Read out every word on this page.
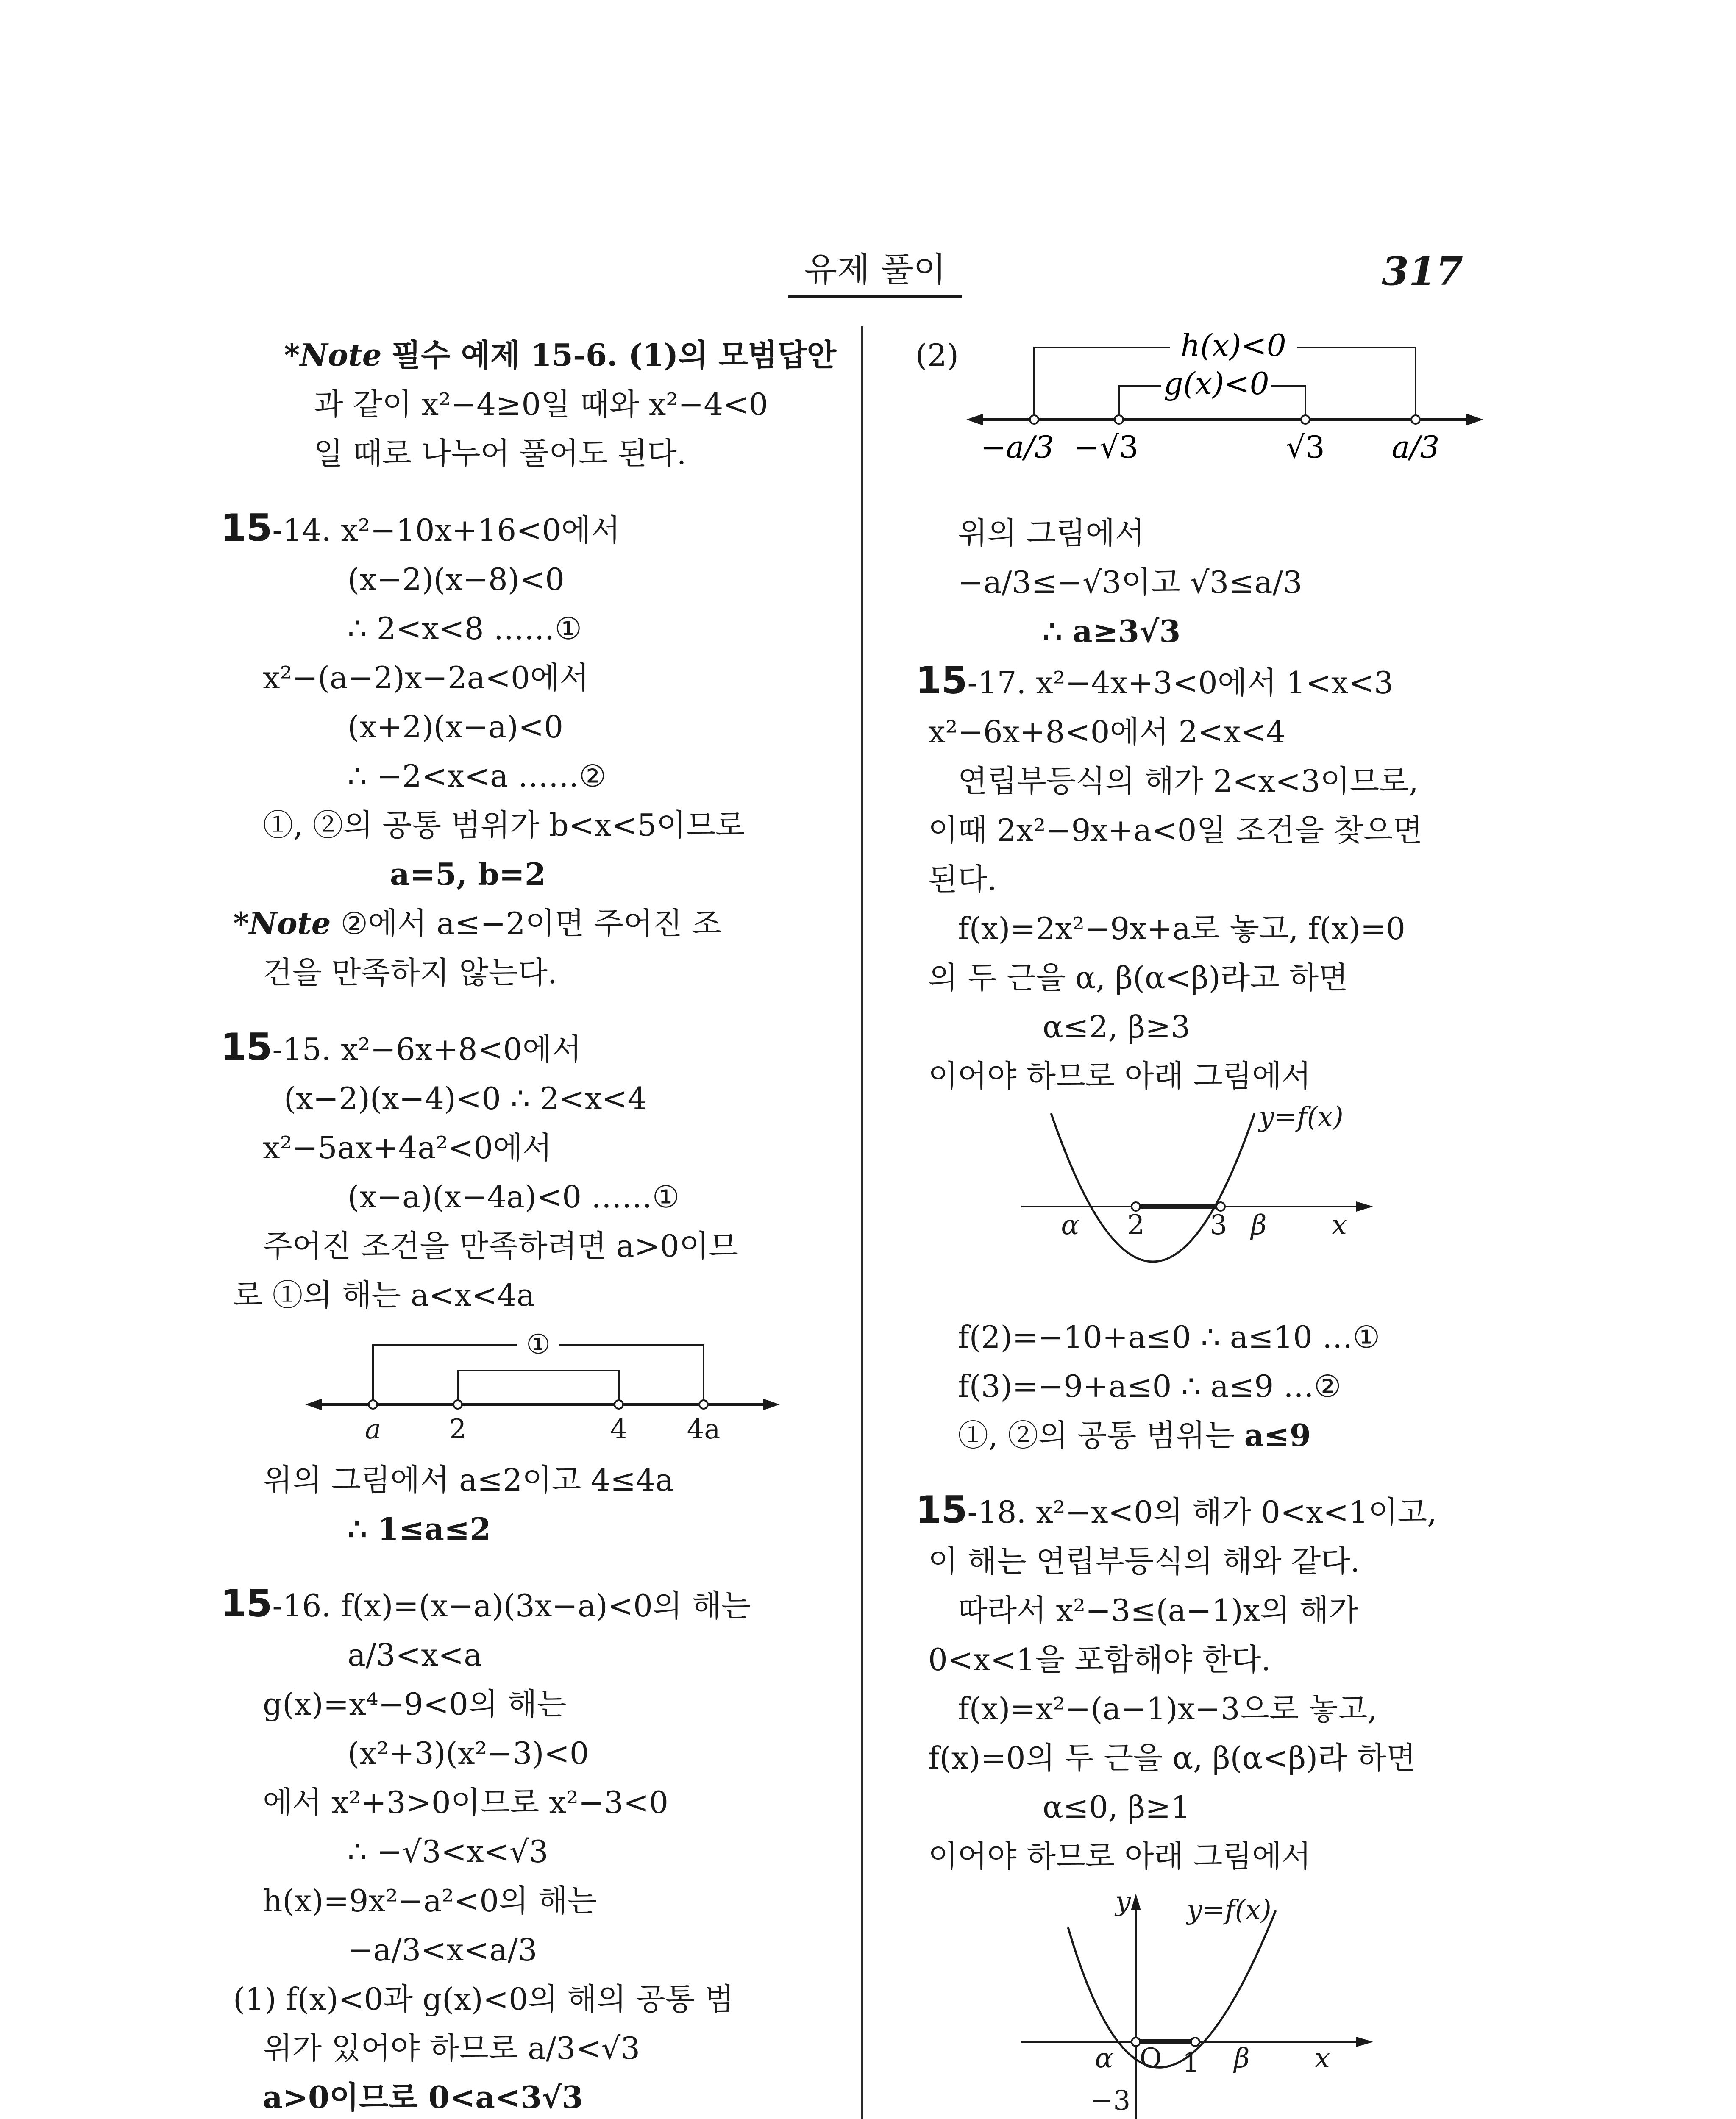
유제 풀이	317

*Note 필수 예제 15-6. (1)의 모범답안

과 같이 x²−4≥0일 때와 x²−4<0

일 때로 나누어 풀어도 된다.

15-14. x²−10x+16<0에서

(x−2)(x−8)<0

∴ 2<x<8 ……①

x²−(a−2)x−2a<0에서

(x+2)(x−a)<0

∴ −2<x<a ……②

①, ②의 공통 범위가 b<x<5이므로

a=5, b=2

*Note ②에서 a≤−2이면 주어진 조

건을 만족하지 않는다.

15-15. x²−6x+8<0에서

(x−2)(x−4)<0 ∴ 2<x<4

x²−5ax+4a²<0에서

(x−a)(x−4a)<0 ……①

주어진 조건을 만족하려면 a>0이므

로 ①의 해는 a<x<4a

①
a	2	4 4a

위의 그림에서 a≤2이고 4≤4a

∴ 1≤a≤2

15-16. f(x)=(x−a)(3x−a)<0의 해는

a/3<x<a

g(x)=x⁴−9<0의 해는

(x²+3)(x²−3)<0

에서 x²+3>0이므로 x²−3<0

∴ −√3<x<√3

h(x)=9x²−a²<0의 해는

−a/3<x<a/3

(1) f(x)<0과 g(x)<0의 해의 공통 범

위가 있어야 하므로 a/3<√3

a>0이므로 0<a<3√3

(2)	h(x)<0
g(x)<0
−a/3 −√3	√3 a/3

위의 그림에서

−a/3≤−√3이고 √3≤a/3

∴ a≥3√3

15-17. x²−4x+3<0에서 1<x<3

x²−6x+8<0에서 2<x<4

연립부등식의 해가 2<x<3이므로,

이때 2x²−9x+a<0일 조건을 찾으면

된다.

f(x)=2x²−9x+a로 놓고, f(x)=0

의 두 근을 α, β(α<β)라고 하면

α≤2, β≥3

이어야 하므로 아래 그림에서

y=f(x)
α 2 3 β x

f(2)=−10+a≤0 ∴ a≤10 …①

f(3)=−9+a≤0 ∴ a≤9 …②

①, ②의 공통 범위는 a≤9

15-18. x²−x<0의 해가 0<x<1이고,

이 해는 연립부등식의 해와 같다.

따라서 x²−3≤(a−1)x의 해가

0<x<1을 포함해야 한다.

f(x)=x²−(a−1)x−3으로 놓고,

f(x)=0의 두 근을 α, β(α<β)라 하면

α≤0, β≥1

이어야 하므로 아래 그림에서

y y=f(x)
α O 1 β x
−3
